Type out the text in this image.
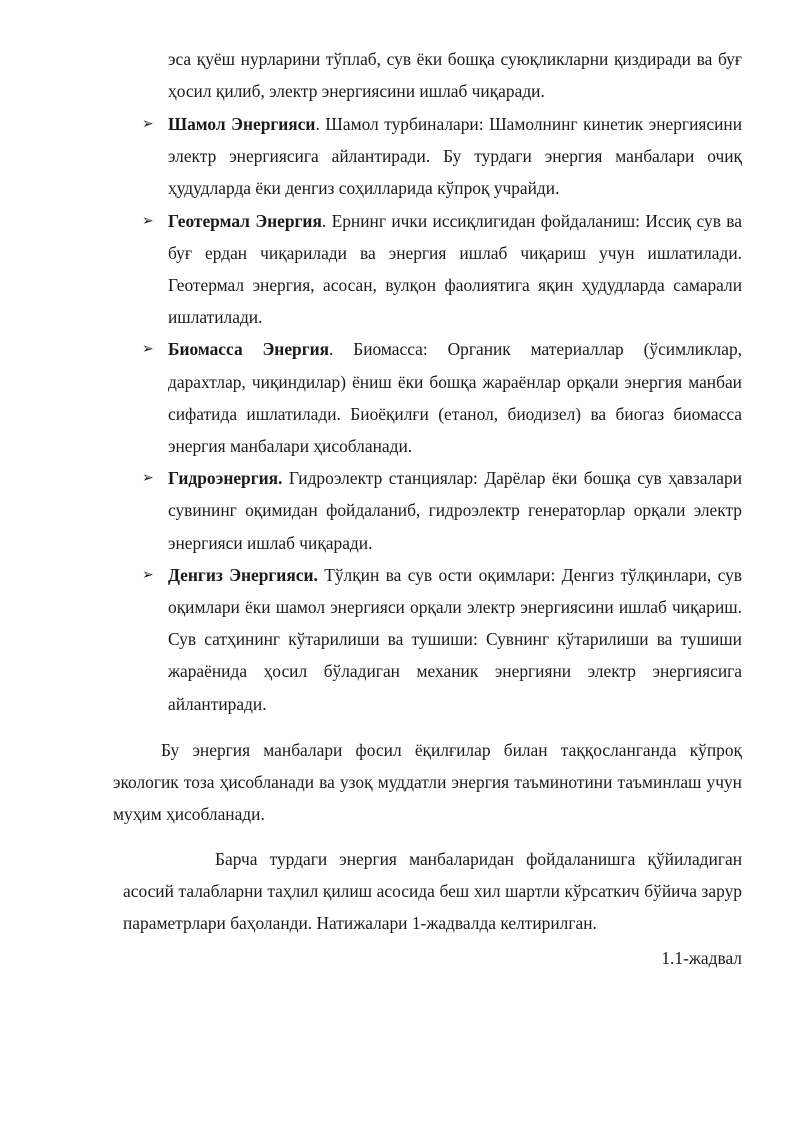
эса қуёш нурларини тўплаб, сув ёки бошқа суюқликларни қиздиради ва буғ ҳосил қилиб, электр энергиясини ишлаб чиқаради.
➢ Шамол Энергияси. Шамол турбиналари: Шамолнинг кинетик энергиясини электр энергиясига айлантиради. Бу турдаги энергия манбалари очиқ ҳудудларда ёки денгиз соҳилларида кўпроқ учрайди.
➢ Геотермал Энергия. Ернинг ички иссиқлигидан фойдаланиш: Иссиқ сув ва буғ ердан чиқарилади ва энергия ишлаб чиқариш учун ишлатилади. Геотермал энергия, асосан, вулқон фаолиятига яқин ҳудудларда самарали ишлатилади.
➢ Биомасса Энергия. Биомасса: Органик материаллар (ўсимликлар, дарахтлар, чиқиндилар) ёниш ёки бошқа жараёнлар орқали энергия манбаи сифатида ишлатилади. Биоёқилғи (етанол, биодизел) ва биогаз биомасса энергия манбалари ҳисобланади.
➢ Гидроэнергия. Гидроэлектр станциялар: Дарёлар ёки бошқа сув ҳавзалари сувининг оқимидан фойдаланиб, гидроэлектр генераторлар орқали электр энергияси ишлаб чиқаради.
➢ Денгиз Энергияси. Тўлқин ва сув ости оқимлари: Денгиз тўлқинлари, сув оқимлари ёки шамол энергияси орқали электр энергиясини ишлаб чиқариш. Сув сатҳининг кўтарилиши ва тушиши: Сувнинг кўтарилиши ва тушиши жараёнида ҳосил бўладиган механик энергияни электр энергиясига айлантиради.
Бу энергия манбалари фосил ёқилғилар билан таққосланганда кўпроқ экологик тоза ҳисобланади ва узоқ муддатли энергия таъминотини таъминлаш учун муҳим ҳисобланади.
Барча турдаги энергия манбаларидан фойдаланишга қўйиладиган асосий талабларни таҳлил қилиш асосида беш хил шартли кўрсаткич бўйича зарур параметрлари баҳоланди. Натижалари 1-жадвалда келтирилган.
1.1-жадвал
